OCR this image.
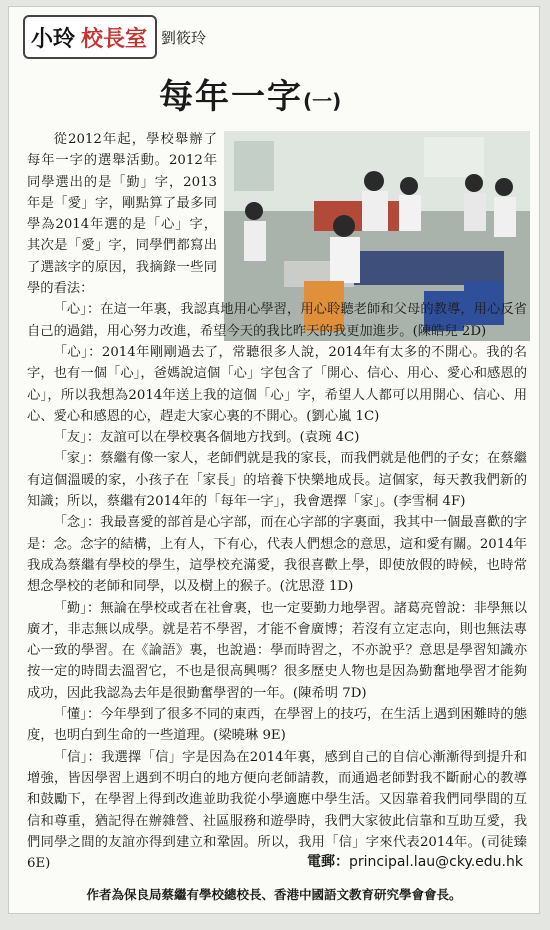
小玲 校長室 劉筱玲
每年一字(一)

從2012年起，學校舉辦了每年一字的選舉活動。2012年同學選出的是「勤」字，2013年是「愛」字，剛點算了最多同學為2014年選的是「心」字，其次是「愛」字，同學們都寫出了選該字的原因，我摘錄一些同學的看法：

「心」：在這一年裏，我認真地用心學習，用心聆聽老師和父母的教導，用心反省自己的過錯，用心努力改進，希望今天的我比昨天的我更加進步。(陳皓兒 2D)

「心」：2014年剛剛過去了，常聽很多人說，2014年有太多的不開心。我的名字，也有一個「心」，爸媽說這個「心」字包含了「開心、信心、用心、愛心和感恩的心」，所以我想為2014年送上我的這個「心」字，希望人人都可以用開心、信心、用心、愛心和感恩的心，趕走大家心裏的不開心。(劉心嵐 1C)

「友」：友誼可以在學校裏各個地方找到。(袁琬 4C)

「家」：蔡繼有像一家人，老師們就是我的家長，而我們就是他們的子女；在蔡繼有這個溫暖的家，小孩子在「家長」的培養下快樂地成長。這個家，每天教我們新的知識；所以，蔡繼有2014年的「每年一字」，我會選擇「家」。(李雪桐 4F)

「念」：我最喜愛的部首是心字部，而在心字部的字裏面，我其中一個最喜歡的字是：念。念字的結構，上有人，下有心，代表人們想念的意思，這和愛有關。2014年我成為蔡繼有學校的學生，這學校充滿愛，我很喜歡上學，即使放假的時候，也時常想念學校的老師和同學，以及樹上的猴子。(沈思澄 1D)

「勤」：無論在學校或者在社會裏，也一定要勤力地學習。諸葛亮曾說：非學無以廣才，非志無以成學。就是若不學習，才能不會廣博；若沒有立定志向，則也無法專心一致的學習。在《論語》裏，也說過：學而時習之，不亦說乎？意思是學習知識亦按一定的時間去溫習它，不也是很高興嗎？很多歷史人物也是因為勤奮地學習才能夠成功，因此我認為去年是很勤奮學習的一年。(陳希明 7D)

「懂」：今年學到了很多不同的東西，在學習上的技巧，在生活上遇到困難時的態度，也明白到生命的一些道理。(梁曉琳 9E)

「信」：我選擇「信」字是因為在2014年裏，感到自己的自信心漸漸得到提升和增強，皆因學習上遇到不明白的地方便向老師請教，而通過老師對我不斷耐心的教導和鼓勵下，在學習上得到改進並助我從小學適應中學生活。又因靠着我們同學間的互信和尊重，猶記得在辦雜營、社區服務和遊學時，我們大家彼此信靠和互助互愛，我們同學之間的友誼亦得到建立和鞏固。所以，我用「信」字來代表2014年。(司徒臻 6E)	電郵：principal.lau@cky.edu.hk
作者為保良局蔡繼有學校總校長、香港中國語文教育研究學會會長。
